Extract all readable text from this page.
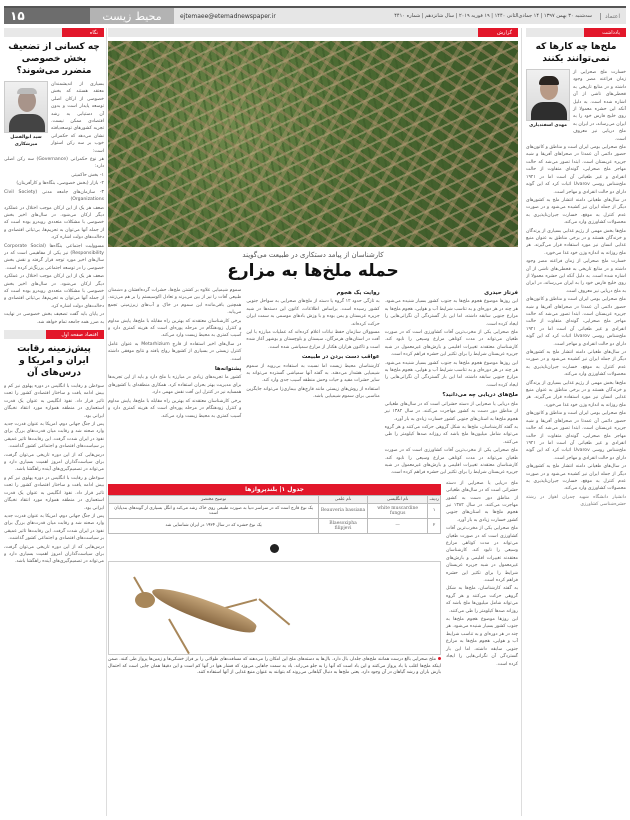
۱۵	محیط زیست	ejtemaee@etemadnewspaper.ir	اعتماد
سه‌شنبه ۳۰ بهمن ۱۳۹۷ | ۱۴ جمادی‌الثانی ۱۴۴۰ | ۱۹ فوریه ۲۰۱۹ | سال شانزدهم | شماره ۴۴۱۰
یادداشت
ملخ‌ها چه کارها که نمی‌توانند بکنند
مهدی اسفندیاری

خسارت ملخ صحرایی از زمان فراعنه مصر وجود داشته و در منابع تاریخی به قحطی‌های ناشی از آن اشاره شده است. به دلیل آنکه این حشره معمولا از روی خلیج فارس خود را به ایران می‌رساند، در ایران به ملخ دریایی نیز معروف است.

ملخ صحرایی بومی ایران است و مناطق و کانون‌های حضور دائمی آن عمدتا در صحراهای آفریقا و شبه جزیره عربستان است. ابتدا تصور می‌شد که حالت مهاجر ملخ صحرایی، گونه‌ای متفاوت از حالت انفرادی و غیر طغیانی آن است اما در ۱۹۲۱ ملخ‌شناس روسی Uvarov اثبات کرد که این گونه دارای دو حالت انفرادی و مهاجر است.

در سال‌های طغیانی دامنه انتشار ملخ به کشورهای دیگر از جمله ایران نیز کشیده می‌شود و در صورت عدم کنترل به موقع، خسارت جبران‌ناپذیری به محصولات کشاورزی وارد می‌کند.

ملخ‌ها بخش مهمی از رژیم غذایی بسیاری از پرندگان و خزندگان هستند و در برخی مناطق به عنوان منبع غذایی انسان نیز مورد استفاده قرار می‌گیرند. هر ملخ روزانه به اندازه وزن خود غذا می‌خورد.

خسارت ملخ صحرایی از زمان فراعنه مصر وجود داشته و در منابع تاریخی به قحطی‌های ناشی از آن اشاره شده است. به دلیل آنکه این حشره معمولا از روی خلیج فارس خود را به ایران می‌رساند، در ایران به ملخ دریایی نیز معروف است.

ملخ صحرایی بومی ایران است و مناطق و کانون‌های حضور دائمی آن عمدتا در صحراهای آفریقا و شبه جزیره عربستان است. ابتدا تصور می‌شد که حالت مهاجر ملخ صحرایی، گونه‌ای متفاوت از حالت انفرادی و غیر طغیانی آن است اما در ۱۹۲۱ ملخ‌شناس روسی Uvarov اثبات کرد که این گونه دارای دو حالت انفرادی و مهاجر است.

در سال‌های طغیانی دامنه انتشار ملخ به کشورهای دیگر از جمله ایران نیز کشیده می‌شود و در صورت عدم کنترل به موقع، خسارت جبران‌ناپذیری به محصولات کشاورزی وارد می‌کند.

ملخ‌ها بخش مهمی از رژیم غذایی بسیاری از پرندگان و خزندگان هستند و در برخی مناطق به عنوان منبع غذایی انسان نیز مورد استفاده قرار می‌گیرند. هر ملخ روزانه به اندازه وزن خود غذا می‌خورد.

ملخ صحرایی بومی ایران است و مناطق و کانون‌های حضور دائمی آن عمدتا در صحراهای آفریقا و شبه جزیره عربستان است. ابتدا تصور می‌شد که حالت مهاجر ملخ صحرایی، گونه‌ای متفاوت از حالت انفرادی و غیر طغیانی آن است اما در ۱۹۲۱ ملخ‌شناس روسی Uvarov اثبات کرد که این گونه دارای دو حالت انفرادی و مهاجر است.

در سال‌های طغیانی دامنه انتشار ملخ به کشورهای دیگر از جمله ایران نیز کشیده می‌شود و در صورت عدم کنترل به موقع، خسارت جبران‌ناپذیری به محصولات کشاورزی وارد می‌کند.

دانشیار دانشگاه شهید چمران اهواز در رشته حشره‌شناسی کشاورزی

گزارش
کارشناسان از پیامد دستکاری در طبیعت می‌گویند
حمله ملخ‌ها به مزارع
فرناز حیدری

این روزها موضوع هجوم ملخ‌ها به جنوب کشور بسیار شنیده می‌شود. هر چند در هر دوره‌ای و به تناسب شرایط آب و هوایی، هجوم ملخ‌ها به مزارع جنوبی سابقه داشته، اما این بار گستردگی آن نگرانی‌هایی را ایجاد کرده است.

ملخ صحرایی یکی از مخرب‌ترین آفات کشاورزی است که در صورت طغیان می‌تواند در مدت کوتاهی مزارع وسیعی را نابود کند. کارشناسان معتقدند تغییرات اقلیمی و بارش‌های غیرمعمول در شبه جزیره عربستان شرایط را برای تکثیر این حشره فراهم کرده است.

این روزها موضوع هجوم ملخ‌ها به جنوب کشور بسیار شنیده می‌شود. هر چند در هر دوره‌ای و به تناسب شرایط آب و هوایی، هجوم ملخ‌ها به مزارع جنوبی سابقه داشته، اما این بار گستردگی آن نگرانی‌هایی را ایجاد کرده است.

ملخ‌های دریایی چه می‌دانید؟

ملخ دریایی یا صحرایی از دسته حشراتی است که در سال‌های طغیانی از مناطق دور دست به کشور مهاجرت می‌کنند. در سال ۱۳۸۲ نیز هجوم ملخ‌ها به استان‌های جنوبی کشور خسارت زیادی به بار آورد.

به گفته کارشناسان، ملخ‌ها به شکل گروهی حرکت می‌کنند و هر گروه می‌تواند شامل میلیون‌ها ملخ باشد که روزانه صدها کیلومتر را طی می‌کنند.

ملخ صحرایی یکی از مخرب‌ترین آفات کشاورزی است که در صورت طغیان می‌تواند در مدت کوتاهی مزارع وسیعی را نابود کند. کارشناسان معتقدند تغییرات اقلیمی و بارش‌های غیرمعمول در شبه جزیره عربستان شرایط را برای تکثیر این حشره فراهم کرده است.

روایت یک هجوم

به تازگی حدود ۱۲ گروه یا دسته از ملخ‌های صحرایی به سواحل جنوبی کشور رسیده است. براساس اطلاعات، کانون این دسته‌ها در شبه جزیره عربستان و یمن بوده و با وزش بادهای موسمی به سمت ایران حرکت کرده‌اند.

مسوولان سازمان حفظ نباتات اعلام کرده‌اند که عملیات مبارزه با این آفت در استان‌های هرمزگان، سیستان و بلوچستان و بوشهر آغاز شده است و تاکنون هزاران هکتار از مزارع سمپاشی شده است.

عواقب دست بردن در طبیعت

کارشناسان محیط زیست اما نسبت به استفاده بی‌رویه از سموم شیمیایی هشدار می‌دهند. به گفته آنها سمپاشی گسترده می‌تواند به سایر حشرات مفید و حیات وحش منطقه آسیب جدی وارد کند.

استفاده از روش‌های زیستی مانند قارچ‌های بیماری‌زا می‌تواند جایگزین مناسبی برای سموم شیمیایی باشد.

سموم شیمیایی علاوه بر کشتن ملخ‌ها، حشرات گرده‌افشان و دشمنان طبیعی آفات را نیز از بین می‌برند و تعادل اکوسیستم را بر هم می‌زنند. همچنین باقی‌مانده این سموم در خاک و آب‌های زیرزمینی تجمع می‌یابد.

برخی کارشناسان معتقدند که بهترین راه مقابله با ملخ‌ها، پایش مداوم و کنترل زودهنگام در مرحله پوره‌ای است که هزینه کمتری دارد و آسیب کمتری به محیط زیست وارد می‌کند.

در سال‌های اخیر استفاده از قارچ Metarhizium به عنوان عامل کنترل زیستی در بسیاری از کشورها رواج یافته و نتایج موفقی داشته است.

پشتوانه‌ها

کشور ما تجربه‌های زیادی در مبارزه با ملخ دارد و باید از این تجربه‌ها برای مدیریت بهتر بحران استفاده کرد. همکاری منطقه‌ای با کشورهای همسایه نیز در کنترل این آفت نقش مهمی دارد.

برخی کارشناسان معتقدند که بهترین راه مقابله با ملخ‌ها، پایش مداوم و کنترل زودهنگام در مرحله پوره‌ای است که هزینه کمتری دارد و آسیب کمتری به محیط زیست وارد می‌کند.

ملخ دریایی یا صحرایی از دسته حشراتی است که در سال‌های طغیانی از مناطق دور دست به کشور مهاجرت می‌کنند. در سال ۱۳۸۲ نیز هجوم ملخ‌ها به استان‌های جنوبی کشور خسارت زیادی به بار آورد.

ملخ صحرایی یکی از مخرب‌ترین آفات کشاورزی است که در صورت طغیان می‌تواند در مدت کوتاهی مزارع وسیعی را نابود کند. کارشناسان معتقدند تغییرات اقلیمی و بارش‌های غیرمعمول در شبه جزیره عربستان شرایط را برای تکثیر این حشره فراهم کرده است.

به گفته کارشناسان، ملخ‌ها به شکل گروهی حرکت می‌کنند و هر گروه می‌تواند شامل میلیون‌ها ملخ باشد که روزانه صدها کیلومتر را طی می‌کنند.

این روزها موضوع هجوم ملخ‌ها به جنوب کشور بسیار شنیده می‌شود. هر چند در هر دوره‌ای و به تناسب شرایط آب و هوایی، هجوم ملخ‌ها به مزارع جنوبی سابقه داشته، اما این بار گستردگی آن نگرانی‌هایی را ایجاد کرده است.

جدول ۱| بلندپروازها
ردیف	نام انگلیسی	نام علمی	توضیح مختصر
۱	white muscardine fungus	Beauveria bassiana	یک نوع قارچ است که در سراسر دنیا به صورت طبیعی روی خاک رشد می‌کند و انگل بسیاری از گونه‌های بندپایان است
۲	—	Blaesoxipha filipjevi	یک نوع حشره که در سال ۱۹۳۴ در ایران شناسایی شد
ملخ صحرایی بالغ درست همانند ملخ‌های جلدار، بال دارد. بال‌ها به دسته‌های ملخ این امکان را می‌دهند که مسافت‌های طولانی را بر فراز خشکی‌ها و زمین‌ها پرواز طی کنند. ضمن اینکه ملخ‌ها اغلب با باد پرواز می‌کنند و این باد است که آنها را به جلو می‌راند. باد به سمت جاهایی می‌وزد که فشار هوا در آنها کم است و این دقیقا همان جایی است که احتمال بارش باران و رشد گیاهان در آن وجود دارد. یعنی ملخ‌ها به دنبال گیاهانی می‌روند که بتوانند به عنوان منبع غذایی از آنها استفاده کنند.
نگاه
چه کسانی از تضعیف بخش خصوصی متضرر می‌شوند؟
سید ابوالفضل میرشکاری

بسیاری از اندیشمندان معتقد هستند که بخش خصوصی از ارکان اصلی توسعه پایدار است و بدون آن دستیابی به رشد اقتصادی ممکن نیست. تجربه کشورهای توسعه‌یافته نشان می‌دهد که حکمرانی خوب بر سه رکن استوار است:

هر نوع حکمرانی (Governance) سه رکن اصلی دارد:

۱- بخش حاکمیتی

۲- بازار (بخش خصوصی، بنگاه‌ها و کارآفرینان)

۳- سازمان‌های جامعه مدنی (Civil Society Organizations)

ضعف هر یک از این ارکان موجب اختلال در عملکرد دیگر ارکان می‌شود. در سال‌های اخیر بخش خصوصی با مشکلات متعددی روبه‌رو بوده است که از جمله آنها می‌توان به تحریم‌ها، بی‌ثباتی اقتصادی و دخالت‌های دولت اشاره کرد.

مسوولیت اجتماعی بنگاه‌ها (Corporate Social Responsibility) نیز یکی از مفاهیمی است که در سال‌های اخیر مورد توجه قرار گرفته و نقش بخش خصوصی را در توسعه اجتماعی پررنگ‌تر کرده است.

ضعف هر یک از این ارکان موجب اختلال در عملکرد دیگر ارکان می‌شود. در سال‌های اخیر بخش خصوصی با مشکلات متعددی روبه‌رو بوده است که از جمله آنها می‌توان به تحریم‌ها، بی‌ثباتی اقتصادی و دخالت‌های دولت اشاره کرد.

در پایان باید گفت تضعیف بخش خصوصی در نهایت به ضرر همه جامعه تمام خواهد شد.

اقتصاد صفحه اول
پیش‌زمینه رقابت ایران و امریکا و درس‌های آن

سوءظن و رقابت با انگلیس در دوره پهلوی نیز کم و بیش ادامه یافت و ساختار اقتصادی کشور را تحت تاثیر قرار داد. نفوذ انگلیس به عنوان یک قدرت استعماری در منطقه همواره مورد انتقاد نخبگان ایرانی بود.

پس از جنگ جهانی دوم، امریکا به عنوان قدرت جدید وارد صحنه شد و رقابت میان قدرت‌های بزرگ برای نفوذ در ایران شدت گرفت. این رقابت‌ها تاثیر عمیقی بر سیاست‌های اقتصادی و اجتماعی کشور گذاشت.

درس‌هایی که از این دوره تاریخی می‌توان گرفت، برای سیاست‌گذاران امروز اهمیت بسیاری دارد و می‌تواند در تصمیم‌گیری‌های آینده راهگشا باشد.

سوءظن و رقابت با انگلیس در دوره پهلوی نیز کم و بیش ادامه یافت و ساختار اقتصادی کشور را تحت تاثیر قرار داد. نفوذ انگلیس به عنوان یک قدرت استعماری در منطقه همواره مورد انتقاد نخبگان ایرانی بود.

پس از جنگ جهانی دوم، امریکا به عنوان قدرت جدید وارد صحنه شد و رقابت میان قدرت‌های بزرگ برای نفوذ در ایران شدت گرفت. این رقابت‌ها تاثیر عمیقی بر سیاست‌های اقتصادی و اجتماعی کشور گذاشت.

درس‌هایی که از این دوره تاریخی می‌توان گرفت، برای سیاست‌گذاران امروز اهمیت بسیاری دارد و می‌تواند در تصمیم‌گیری‌های آینده راهگشا باشد.
